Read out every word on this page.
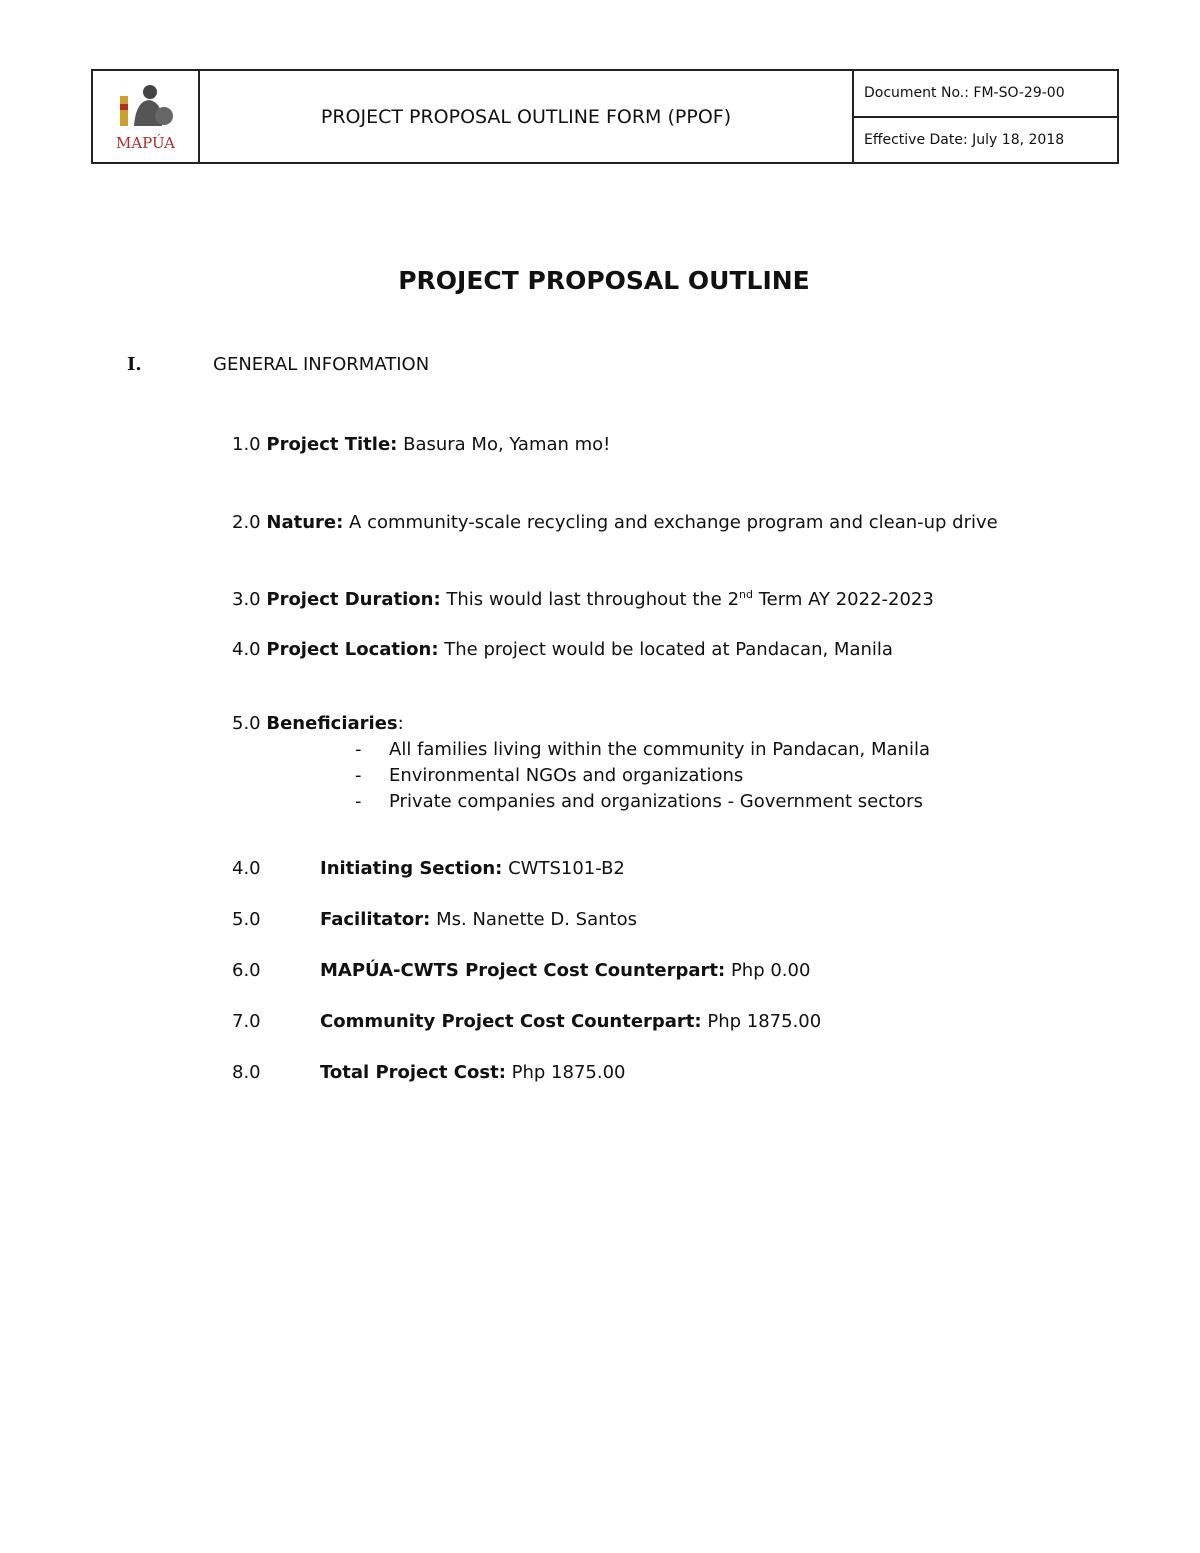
MAPÚA
PROJECT PROPOSAL OUTLINE FORM (PPOF)
Document No.: FM-SO-29-00
Effective Date: July 18, 2018
PROJECT PROPOSAL OUTLINE
I.	GENERAL INFORMATION
1.0 Project Title: Basura Mo, Yaman mo!
2.0 Nature: A community-scale recycling and exchange program and clean-up drive
3.0 Project Duration: This would last throughout the 2nd Term AY 2022-2023
4.0 Project Location: The project would be located at Pandacan, Manila
5.0 Beneficiaries:
- All families living within the community in Pandacan, Manila
- Environmental NGOs and organizations
- Private companies and organizations - Government sectors
4.0	Initiating Section: CWTS101-B2
5.0	Facilitator: Ms. Nanette D. Santos
6.0	MAPÚA-CWTS Project Cost Counterpart: Php 0.00
7.0	Community Project Cost Counterpart: Php 1875.00
8.0	Total Project Cost: Php 1875.00
